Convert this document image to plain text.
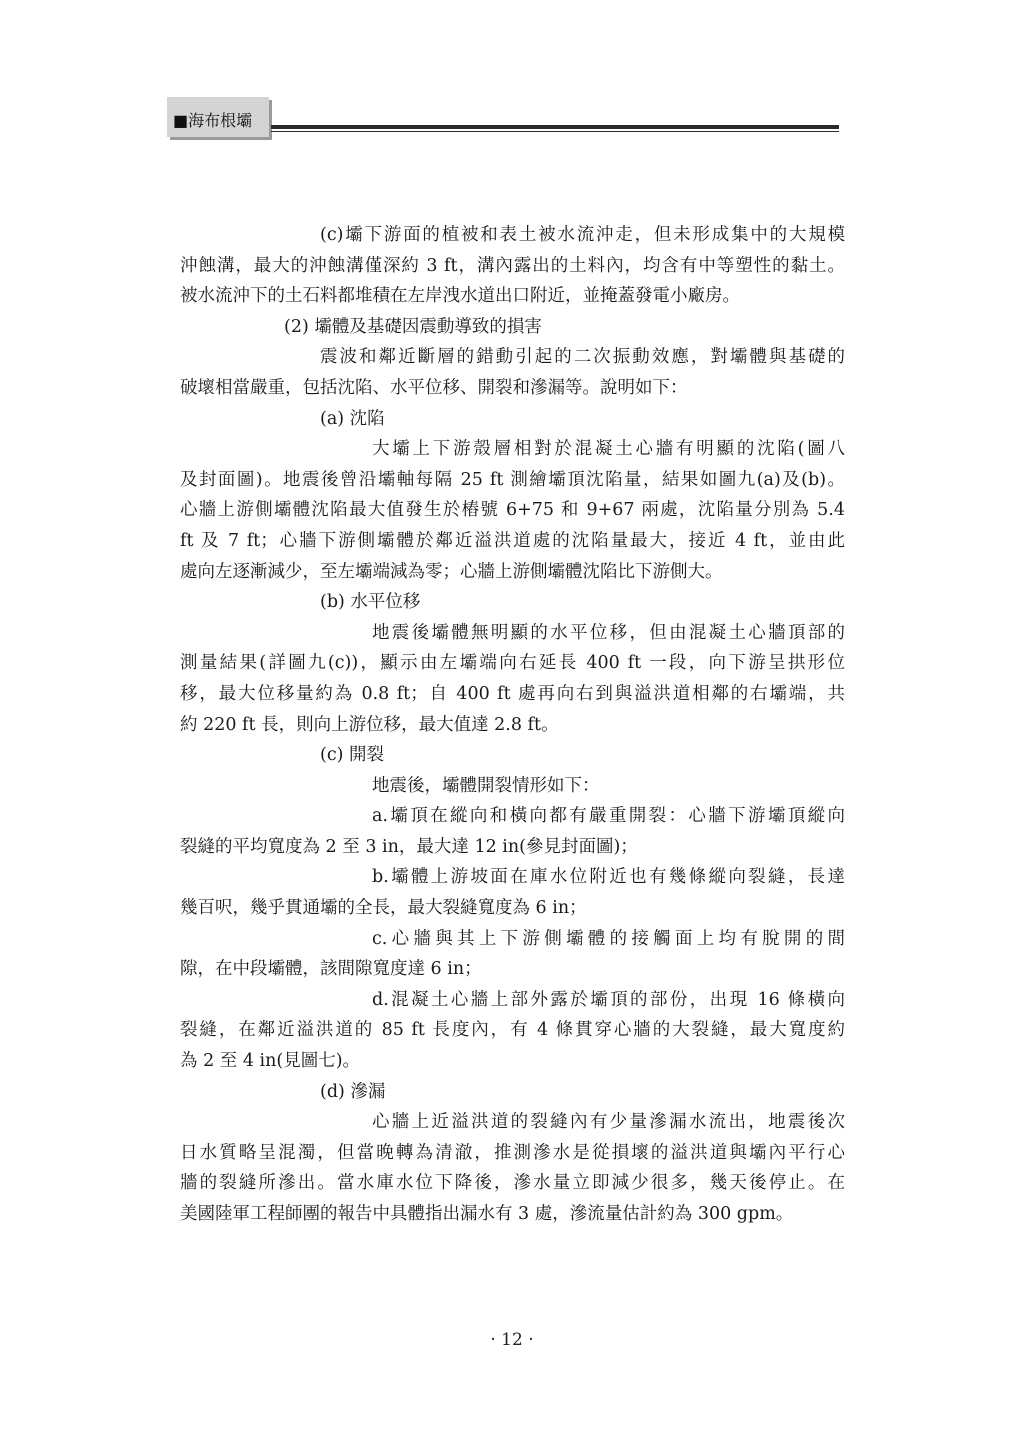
■海布根壩
(c)壩下游面的植被和表土被水流沖走，但未形成集中的大規模
沖蝕溝，最大的沖蝕溝僅深約 3 ft，溝內露出的土料內，均含有中等塑性的黏土。
被水流沖下的土石料都堆積在左岸洩水道出口附近，並掩蓋發電小廠房。
(2) 壩體及基礎因震動導致的損害
震波和鄰近斷層的錯動引起的二次振動效應，對壩體與基礎的
破壞相當嚴重，包括沈陷、水平位移、開裂和滲漏等。說明如下：
(a) 沈陷
大壩上下游殼層相對於混凝土心牆有明顯的沈陷(圖八
及封面圖)。地震後曾沿壩軸每隔 25 ft 測繪壩頂沈陷量，結果如圖九(a)及(b)。
心牆上游側壩體沈陷最大值發生於樁號 6+75 和 9+67 兩處，沈陷量分別為 5.4
ft 及 7 ft；心牆下游側壩體於鄰近溢洪道處的沈陷量最大，接近 4 ft，並由此
處向左逐漸減少，至左壩端減為零；心牆上游側壩體沈陷比下游側大。
(b) 水平位移
地震後壩體無明顯的水平位移，但由混凝土心牆頂部的
測量結果(詳圖九(c))，顯示由左壩端向右延長 400 ft 一段，向下游呈拱形位
移，最大位移量約為 0.8 ft；自 400 ft 處再向右到與溢洪道相鄰的右壩端，共
約 220 ft 長，則向上游位移，最大值達 2.8 ft。
(c) 開裂
地震後，壩體開裂情形如下：
a.壩頂在縱向和橫向都有嚴重開裂：心牆下游壩頂縱向
裂縫的平均寬度為 2 至 3 in，最大達 12 in(參見封面圖)；
b.壩體上游坡面在庫水位附近也有幾條縱向裂縫，長達
幾百呎，幾乎貫通壩的全長，最大裂縫寬度為 6 in；
c.心牆與其上下游側壩體的接觸面上均有脫開的間
隙，在中段壩體，該間隙寬度達 6 in；
d.混凝土心牆上部外露於壩頂的部份，出現 16 條橫向
裂縫，在鄰近溢洪道的 85 ft 長度內，有 4 條貫穿心牆的大裂縫，最大寬度約
為 2 至 4 in(見圖七)。
(d) 滲漏
心牆上近溢洪道的裂縫內有少量滲漏水流出，地震後次
日水質略呈混濁，但當晚轉為清澈，推測滲水是從損壞的溢洪道與壩內平行心
牆的裂縫所滲出。當水庫水位下降後，滲水量立即減少很多，幾天後停止。在
美國陸軍工程師團的報告中具體指出漏水有 3 處，滲流量估計約為 300 gpm。
· 12 ·
